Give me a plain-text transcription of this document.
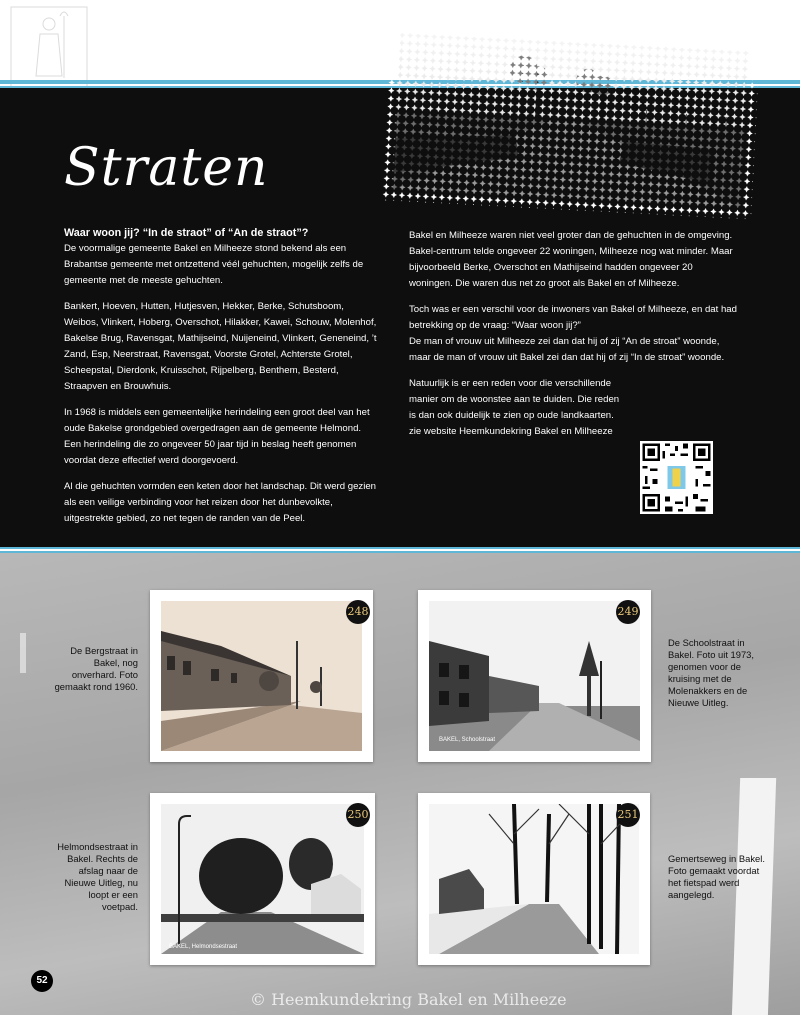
Straten
Waar woon jij? “In de straot” of “An de straot”?

De voormalige gemeente Bakel en Milheeze stond bekend als een Brabantse gemeente met ontzettend véél gehuchten, mogelijk zelfs de gemeente met de meeste gehuchten.

Bankert, Hoeven, Hutten, Hutjesven, Hekker, Berke, Schutsboom, Weibos, Vlinkert, Hoberg, Overschot, Hilakker, Kawei, Schouw, Molenhof, Bakelse Brug, Ravensgat, Mathijseind, Nuijeneind, Vlinkert, Geneneind, ’t Zand, Esp, Neerstraat, Ravensgat, Voorste Grotel, Achterste Grotel, Scheepstal, Dierdonk, Kruisschot, Rijpelberg, Benthem, Besterd, Straapven en Brouwhuis.

In 1968 is middels een gemeentelijke herindeling een groot deel van het oude Bakelse grondgebied overgedragen aan de gemeente Helmond. Een herindeling die zo ongeveer 50 jaar tijd in beslag heeft genomen voordat deze effectief werd doorgevoerd.

Al die gehuchten vormden een keten door het landschap. Dit werd gezien als een veilige verbinding voor het reizen door het dunbevolkte, uitgestrekte gebied, zo net tegen de randen van de Peel.

Bakel en Milheeze waren niet veel groter dan de gehuchten in de omgeving. Bakel-centrum telde ongeveer 22 woningen, Milheeze nog wat minder. Maar bijvoorbeeld Berke, Overschot en Mathijseind hadden ongeveer 20 woningen. Die waren dus net zo groot als Bakel en of Milheeze.

Toch was er een verschil voor de inwoners van Bakel of Milheeze, en dat had betrekking op de vraag: “Waar woon jij?”

De man of vrouw uit Milheeze zei dan dat hij of zij “An de stroat” woonde, maar de man of vrouw uit Bakel zei dan dat hij of zij “In de stroat” woonde.

Natuurlijk is er een reden voor die verschillende manier om de woonstee aan te duiden. Die reden is dan ook duidelijk te zien op oude landkaarten. zie website Heemkundekring Bakel en Milheeze

248
BAKEL, Schoolstraat
249
BAKEL, Helmondsestraat
250	251
De Bergstraat in Bakel, nog onverhard. Foto gemaakt rond 1960.
De Schoolstraat in Bakel. Foto uit 1973, genomen voor de kruising met de Molenakkers en de Nieuwe Uitleg.
Helmondsestraat in Bakel. Rechts de afslag naar de Nieuwe Uitleg, nu loopt er een voetpad.
Gemertseweg in Bakel. Foto gemaakt voordat het fietspad werd aangelegd.
52
© Heemkundekring Bakel en Milheeze
